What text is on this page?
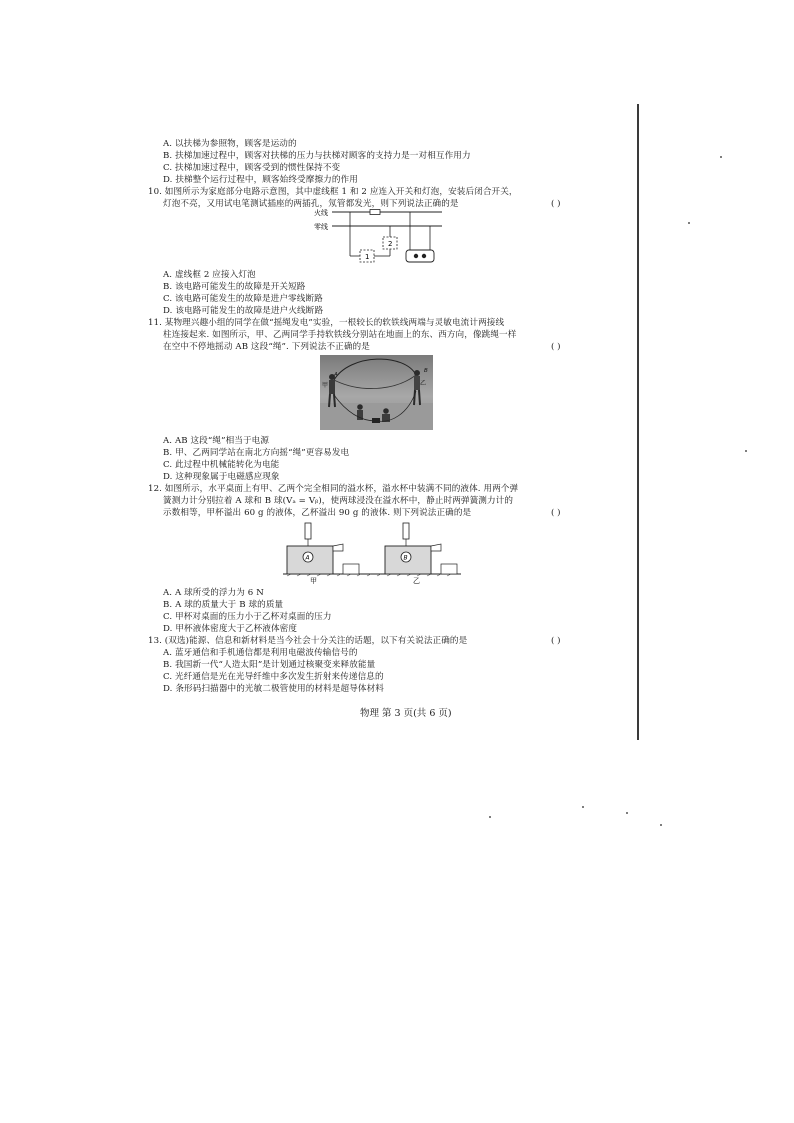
A. 以扶梯为参照物，顾客是运动的
B. 扶梯加速过程中，顾客对扶梯的压力与扶梯对顾客的支持力是一对相互作用力
C. 扶梯加速过程中，顾客受到的惯性保持不变
D. 扶梯整个运行过程中，顾客始终受摩擦力的作用
10. 如图所示为家庭部分电路示意图，其中虚线框 1 和 2 应连入开关和灯泡，安装后闭合开关，
灯泡不亮，又用试电笔测试插座的两插孔，氖管都发光，则下列说法正确的是	( )
火线
零线
1
2
A. 虚线框 2 应接入灯泡
B. 该电路可能发生的故障是开关短路
C. 该电路可能发生的故障是进户零线断路
D. 该电路可能发生的故障是进户火线断路
11. 某物理兴趣小组的同学在做“摇绳发电”实验，一根较长的软铁线两端与灵敏电流计两接线
柱连接起来. 如图所示，甲、乙两同学手持软铁线分别站在地面上的东、西方向，像跳绳一样
在空中不停地摇动 AB 这段“绳”. 下列说法不正确的是	( )
甲	乙
A
B
A. AB 这段“绳”相当于电源
B. 甲、乙两同学站在南北方向摇“绳”更容易发电
C. 此过程中机械能转化为电能
D. 这种现象属于电磁感应现象
12. 如图所示，水平桌面上有甲、乙两个完全相同的溢水杯，溢水杯中装满不同的液体. 用两个弹
簧测力计分别拉着 A 球和 B 球(Vₐ = Vᵦ)，使两球浸没在溢水杯中，静止时两弹簧测力计的
示数相等，甲杯溢出 60 g 的液体，乙杯溢出 90 g 的液体. 则下列说法正确的是	( )
A
甲
B
乙
A. A 球所受的浮力为 6 N
B. A 球的质量大于 B 球的质量
C. 甲杯对桌面的压力小于乙杯对桌面的压力
D. 甲杯液体密度大于乙杯液体密度
13. (双选)能源、信息和新材料是当今社会十分关注的话题，以下有关说法正确的是	( )
A. 蓝牙通信和手机通信都是利用电磁波传输信号的
B. 我国新一代“人造太阳”是计划通过核聚变来释放能量
C. 光纤通信是光在光导纤维中多次发生折射来传递信息的
D. 条形码扫描器中的光敏二极管使用的材料是超导体材料
物理 第 3 页(共 6 页)
